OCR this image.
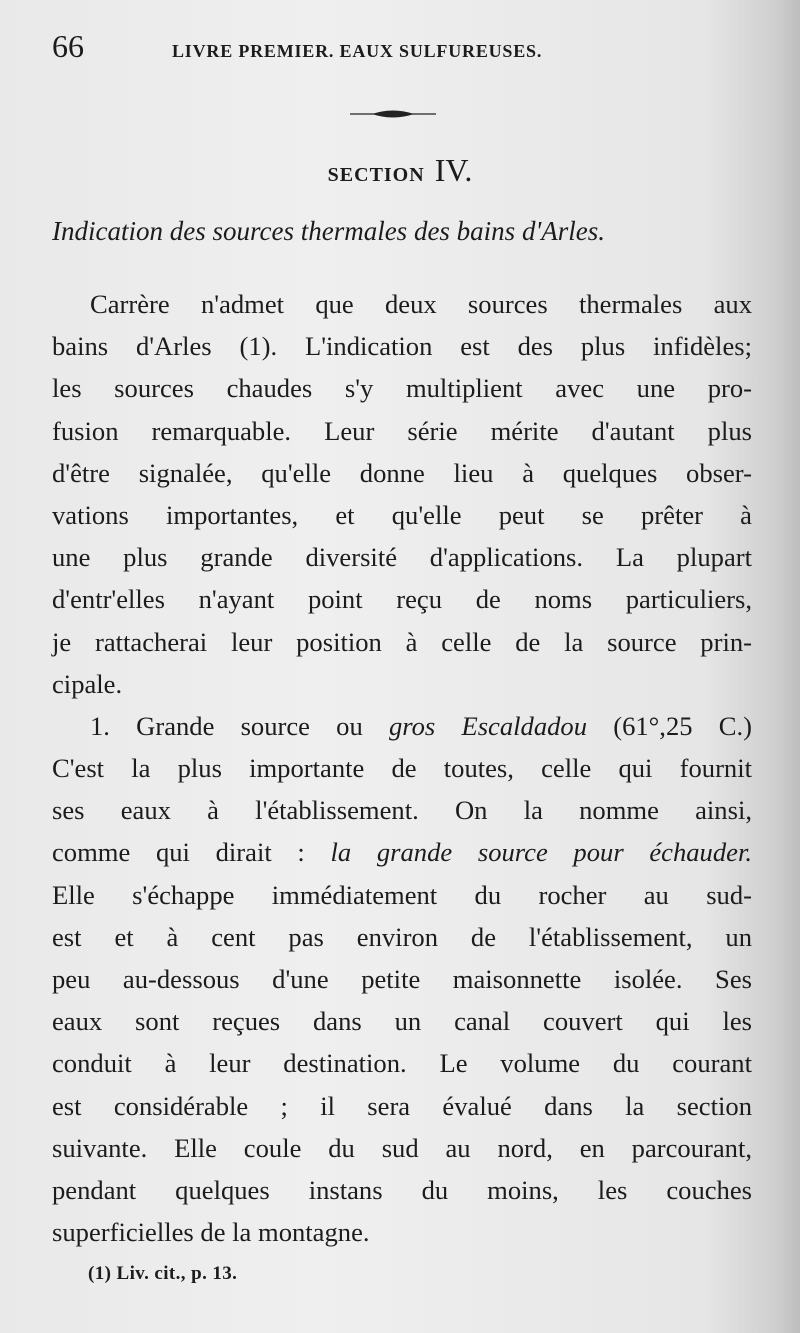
66	LIVRE PREMIER. EAUX SULFUREUSES.
SECTION IV.
Indication des sources thermales des bains d'Arles.
Carrère n'admet que deux sources thermales aux
bains d'Arles (1). L'indication est des plus infidèles;
les sources chaudes s'y multiplient avec une pro-
fusion remarquable. Leur série mérite d'autant plus
d'être signalée, qu'elle donne lieu à quelques obser-
vations importantes, et qu'elle peut se prêter à
une plus grande diversité d'applications. La plupart
d'entr'elles n'ayant point reçu de noms particuliers,
je rattacherai leur position à celle de la source prin-
cipale.
1. Grande source ou gros Escaldadou (61°,25 C.)
C'est la plus importante de toutes, celle qui fournit
ses eaux à l'établissement. On la nomme ainsi,
comme qui dirait : la grande source pour échauder.
Elle s'échappe immédiatement du rocher au sud-
est et à cent pas environ de l'établissement, un
peu au-dessous d'une petite maisonnette isolée. Ses
eaux sont reçues dans un canal couvert qui les
conduit à leur destination. Le volume du courant
est considérable ; il sera évalué dans la section
suivante. Elle coule du sud au nord, en parcourant,
pendant quelques instans du moins, les couches
superficielles de la montagne.
(1) Liv. cit., p. 13.
